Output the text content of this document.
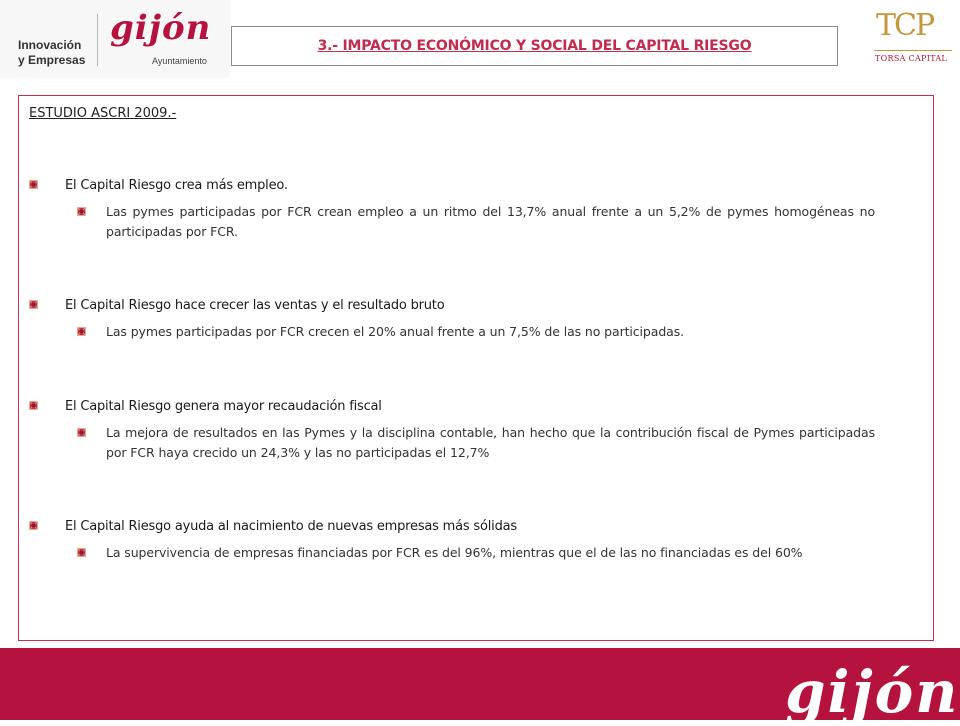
Innovación
y Empresas
gijón
Ayuntamiento
3.- IMPACTO ECONÓMICO Y SOCIAL DEL CAPITAL RIESGO
TCP
TORSA CAPITAL
ESTUDIO ASCRI 2009.-
El Capital Riesgo crea más empleo.
Las pymes participadas por FCR crean empleo a un ritmo del 13,7% anual frente a un 5,2% de pymes homogéneas no participadas por FCR.
El Capital Riesgo hace crecer las ventas y el resultado bruto
Las pymes participadas por FCR crecen el 20% anual frente a un 7,5% de las no participadas.
El Capital Riesgo genera mayor recaudación fiscal
La mejora de resultados en las Pymes y la disciplina contable, han hecho que la contribución fiscal de Pymes participadas por FCR haya crecido un 24,3% y las no participadas el 12,7%
El Capital Riesgo ayuda al nacimiento de nuevas empresas más sólidas
La supervivencia de empresas financiadas por FCR es del 96%, mientras que el de las no financiadas es del 60%
gijón
